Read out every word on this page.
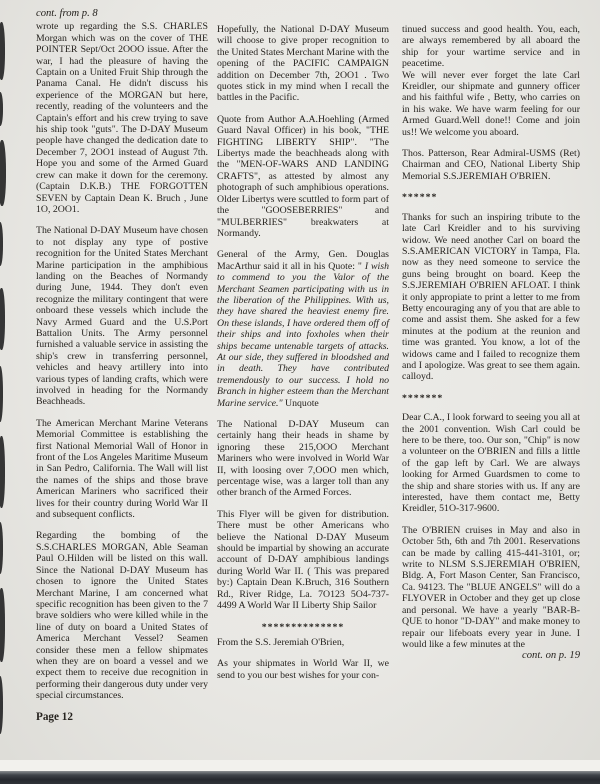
cont. from p. 8

wrote up regarding the S.S. CHARLES Morgan which was on the cover of THE POINTER Sept/Oct 2OOO issue. After the war, I had the pleasure of having the Captain on a United Fruit Ship through the Panama Canal. He didn't discuss his experience of the MORGAN but here, recently, reading of the volunteers and the Captain's effort and his crew trying to save his ship took "guts". The D-DAY Museum people have changed the dedication date to December 7, 2OO1 instead of August 7th. Hope you and some of the Armed Guard crew can make it down for the ceremony. (Captain D.K.B.) THE FORGOTTEN SEVEN by Captain Dean K. Bruch , June 1O, 2OO1.

The National D-DAY Museum have chosen to not display any type of postive recognition for the United States Merchant Marine participation in the amphibious landing on the Beaches of Normandy during June, 1944. They don't even recognize the military contingent that were onboard these vessels which include the Navy Armed Guard and the U.S.Port Battalion Units. The Army personnel furnished a valuable service in assisting the ship's crew in transferring personnel, vehicles and heavy artillery into into various types of landing crafts, which were involved in heading for the Normandy Beachheads.

The American Merchant Marine Veterans Memorial Committee is establishing the first National Memorial Wall of Honor in front of the Los Angeles Maritime Museum in San Pedro, California. The Wall will list the names of the ships and those brave American Mariners who sacrificed their lives for their country during World War II and subsequent conflicts.

Regarding the bombing of the S.S.CHARLES MORGAN, Able Seaman Paul O.Hilden will be listed on this wall. Since the National D-DAY Museum has chosen to ignore the United States Merchant Marine, I am concerned what specific recognition has been given to the 7 brave soldiers who were killed while in the line of duty on board a United States of America Merchant Vessel? Seamen consider these men a fellow shipmates when they are on board a vessel and we expect them to receive due recognition in performing their dangerous duty under very special circumstances.

Page 12

Hopefully, the National D-DAY Museum will choose to give proper recognition to the United States Merchant Marine with the opening of the PACIFIC CAMPAIGN addition on December 7th, 2OO1 . Two quotes stick in my mind when I recall the battles in the Pacific.

Quote from Author A.A.Hoehling (Armed Guard Naval Officer) in his book, "THE FIGHTING LIBERTY SHIP". "The Libertys made the beachheads along with the "MEN-OF-WARS AND LANDING CRAFTS", as attested by almost any photograph of such amphibious operations. Older Libertys were scuttled to form part of the "GOOSEBERRIES" and "MULBERRIES" breakwaters at Normandy.

General of the Army, Gen. Douglas MacArthur said it all in his Quote: " I wish to commend to you the Valor of the Merchant Seamen participating with us in the liberation of the Philippines. With us, they have shared the heaviest enemy fire. On these islands, I have ordered them off of their ships and into foxholes when their ships became untenable targets of attacks. At our side, they suffered in bloodshed and in death. They have contributed tremendously to our success. I hold no Branch in higher esteem than the Merchant Marine service." Unquote

The National D-DAY Museum can certainly hang their heads in shame by ignoring these 215,OOO Merchant Mariners who were involved in World War II, with loosing over 7,OOO men which, percentage wise, was a larger toll than any other branch of the Armed Forces.

This Flyer will be given for distribution. There must be other Americans who believe the National D-DAY Museum should be impartial by showing an accurate account of D-DAY amphibious landings during World War II. ( This was prepared by:) Captain Dean K.Bruch, 316 Southern Rd., River Ridge, La. 7O123 5O4-737-4499 A World War II Liberty Ship Sailor

**************

From the S.S. Jeremiah O'Brien,

As your shipmates in World War II, we send to you our best wishes for your con-

tinued success and good health. You, each, are always remembered by all aboard the ship for your wartime service and in peacetime.

We will never ever forget the late Carl Kreidler, our shipmate and gunnery officer and his faithful wife , Betty, who carries on in his wake. We have warm feeling for our Armed Guard.Well done!! Come and join us!! We welcome you aboard.

Thos. Patterson, Rear Admiral-USMS (Ret) Chairman and CEO, National Liberty Ship Memorial S.S.JEREMIAH O'BRIEN.

******

Thanks for such an inspiring tribute to the late Carl Kreidler and to his surviving widow. We need another Carl on board the S.S.AMERICAN VICTORY in Tampa, Fla. now as they need someone to service the guns being brought on board. Keep the S.S.JEREMIAH O'BRIEN AFLOAT. I think it only appropiate to print a letter to me from Betty encouraging any of you that are able to come and assist them. She asked for a few minutes at the podium at the reunion and time was granted. You know, a lot of the widows came and I failed to recognize them and I apologize. Was great to see them again. calloyd.

*******

Dear C.A., I look forward to seeing you all at the 2001 convention. Wish Carl could be here to be there, too. Our son, "Chip" is now a volunteer on the O'BRIEN and fills a little of the gap left by Carl. We are always looking for Armed Guardsmen to come to the ship and share stories with us. If any are interested, have them contact me, Betty Kreidler, 51O-317-9600.

The O'BRIEN cruises in May and also in October 5th, 6th and 7th 2001. Reservations can be made by calling 415-441-3101, or; write to NLSM S.S.JEREMIAH O'BRIEN, Bldg. A, Fort Mason Center, San Francisco, Ca. 94123. The "BLUE ANGELS" will do a FLYOVER in October and they get up close and personal. We have a yearly "BAR-B- QUE to honor "D-DAY" and make money to repair our lifeboats every year in June. I would like a few minutes at the

cont. on p. 19
